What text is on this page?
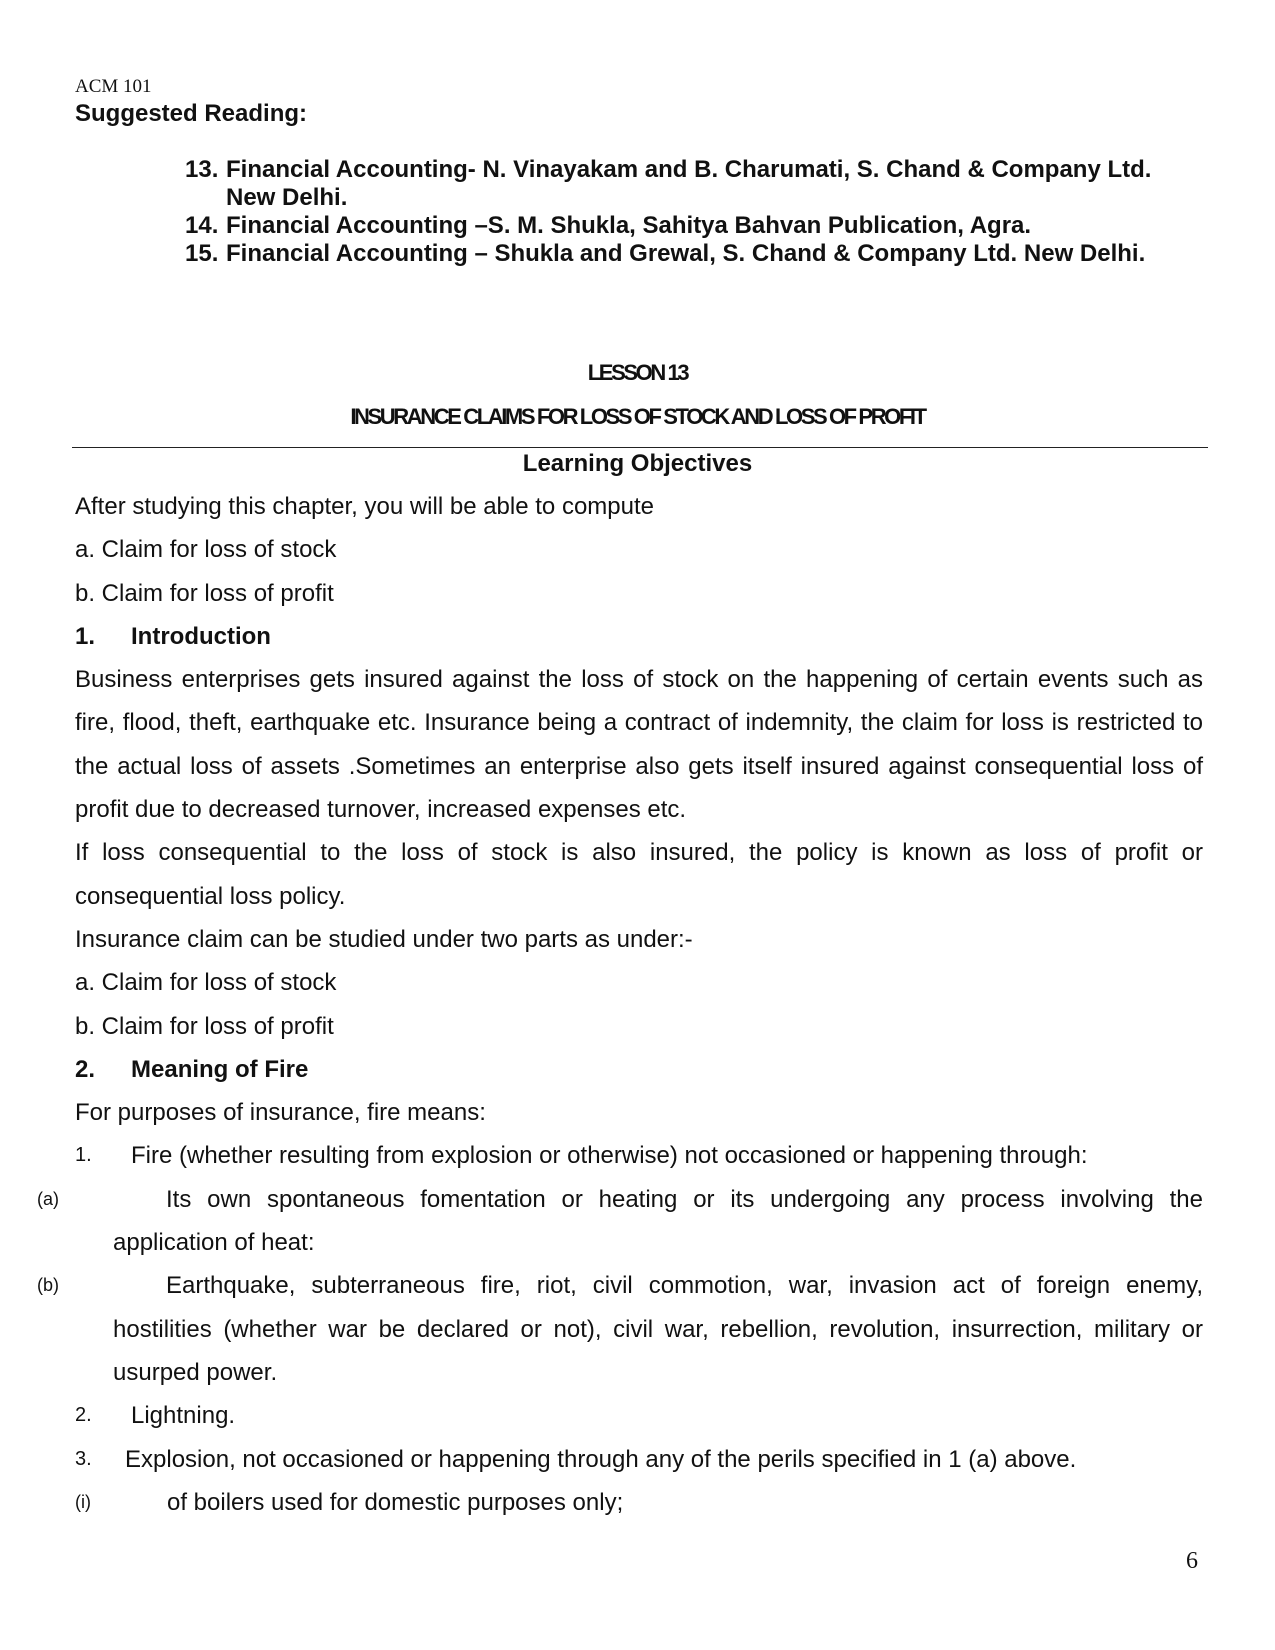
ACM 101
Suggested Reading:
13. Financial Accounting- N. Vinayakam and B. Charumati, S. Chand & Company Ltd. New Delhi.
14. Financial Accounting –S. M. Shukla, Sahitya Bahvan Publication, Agra.
15. Financial Accounting – Shukla and Grewal, S. Chand & Company Ltd. New Delhi.
LESSON 13
INSURANCE CLAIMS FOR LOSS OF STOCK AND LOSS OF PROFIT
Learning Objectives

After studying this chapter, you will be able to compute

a. Claim for loss of stock

b. Claim for loss of profit

1.	Introduction

Business enterprises gets insured against the loss of stock on the happening of certain events such as fire, flood, theft, earthquake etc. Insurance being a contract of indemnity, the claim for loss is restricted to the actual loss of assets .Sometimes an enterprise also gets itself insured against consequential loss of profit due to decreased turnover, increased expenses etc.

If loss consequential to the loss of stock is also insured, the policy is known as loss of profit or consequential loss policy.

Insurance claim can be studied under two parts as under:-

a. Claim for loss of stock

b. Claim for loss of profit

2.	Meaning of Fire

For purposes of insurance, fire means:

1.	Fire (whether resulting from explosion or otherwise) not occasioned or happening through:

(a)	Its own spontaneous fomentation or heating or its undergoing any process involving the application of heat:

(b)	Earthquake, subterraneous fire, riot, civil commotion, war, invasion act of foreign enemy, hostilities (whether war be declared or not), civil war, rebellion, revolution, insurrection, military or usurped power.

2.	Lightning.

3.	Explosion, not occasioned or happening through any of the perils specified in 1 (a) above.

(i)	of boilers used for domestic purposes only;

6
